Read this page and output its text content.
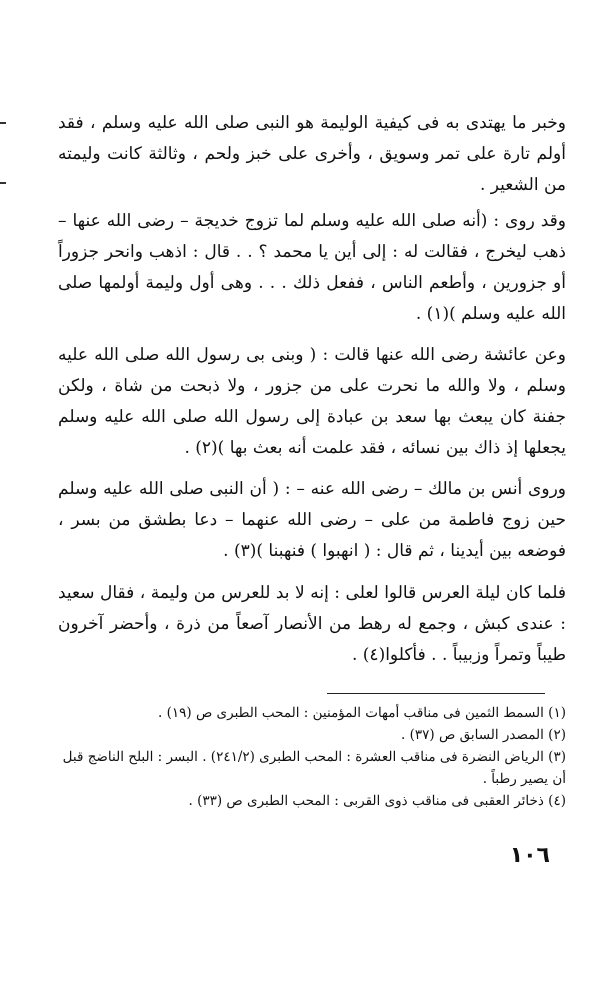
وخبر ما يهتدى به فى كيفية الوليمة هو النبى صلى الله عليه وسلم ، فقد أولم تارة على تمر وسويق ، وأخرى على خبز ولحم ، وثالثة كانت وليمته من الشعير .

وقد روى : (أنه صلى الله عليه وسلم لما تزوج خديجة – رضى الله عنها – ذهب ليخرج ، فقالت له : إلى أين يا محمد ؟ . . قال : اذهب وانحر جزوراً أو جزورين ، وأطعم الناس ، ففعل ذلك . . . وهى أول وليمة أولمها صلى الله عليه وسلم )(١) .

وعن عائشة رضى الله عنها قالت : ( وبنى بى رسول الله صلى الله عليه وسلم ، ولا والله ما نحرت على من جزور ، ولا ذبحت من شاة ، ولكن جفنة كان يبعث بها سعد بن عبادة إلى رسول الله صلى الله عليه وسلم يجعلها إذ ذاك بين نسائه ، فقد علمت أنه بعث بها )(٢) .

وروى أنس بن مالك – رضى الله عنه – : ( أن النبى صلى الله عليه وسلم حين زوج فاطمة من على – رضى الله عنهما – دعا بطشق من بسر ، فوضعه بين أيدينا ، ثم قال : ( انهبوا ) فنهبنا )(٣) .

فلما كان ليلة العرس قالوا لعلى : إنه لا بد للعرس من وليمة ، فقال سعيد : عندى كبش ، وجمع له رهط من الأنصار آصعاً من ذرة ، وأحضر آخرون طيباً وتمراً وزبيباً . . فأكلوا(٤) .

(١) السمط الثمين فى مناقب أمهات المؤمنين : المحب الطبرى ص (١٩) .

(٢) المصدر السابق ص (٣٧) .

(٣) الرياض النضرة فى مناقب العشرة : المحب الطبرى (٢٤١/٢) . البسر : البلح الناضج قبل أن يصير رطباً .

(٤) ذخائر العقبى فى مناقب ذوى القربى : المحب الطبرى ص (٣٣) .

١٠٦
